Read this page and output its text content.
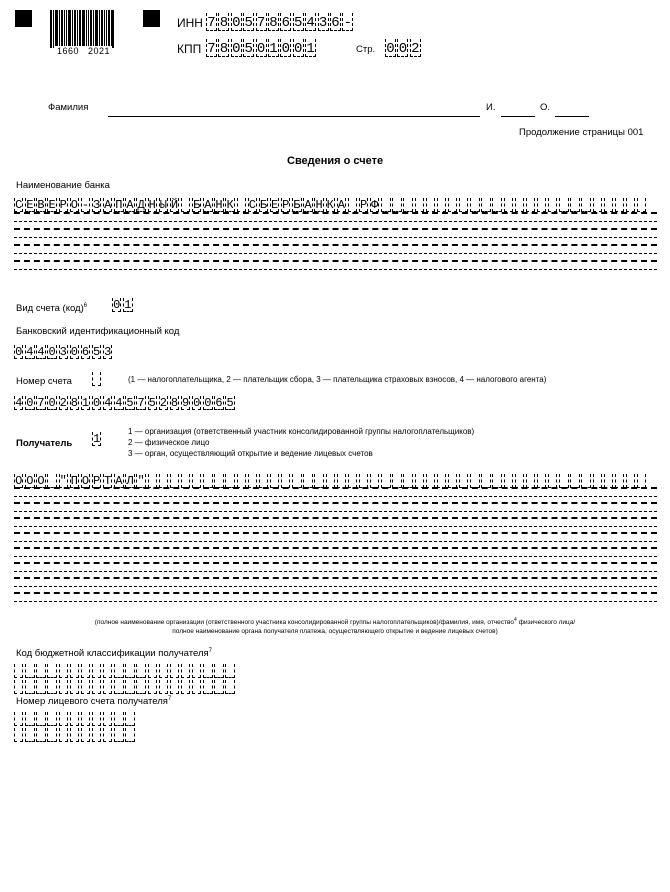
1660   2021
ИНН 7 8 0 5 7 8 6 5 4 3 6 -
КПП 7 8 0 5 0 1 0 0 1	Стр. 0 0 2
Фамилия	И.	О.
Продолжение страницы 001
Сведения о счете
Наименование банка
С Е В Е Р О - З А П А Д Н Ы Й Б А Н К С Б Е Р Б А Н К А Р Ф
Вид счета (код)$^6$ 0 1
Банковский идентификационный код
0 4 4 0 3 0 6 5 3
Номер счета	(1 — налогоплательщика, 2 — плательщик сбора, 3 — плательщика страховых взносов, 4 — налогового агента)
4 0 7 0 2 8 1 0 4 4 5 7 5 2 8 9 0 0 6 5
Получатель 1
1 — организация (ответственный участник консолидированной группы налогоплательщиков)
2 — физическое лицо
3 — орган, осуществляющий открытие и ведение лицевых счетов
О О О " П О Р Т А Л "
(полное наименование организации (ответственного участника консолидированной группы налогоплательщиков)/фамилия, имя, отчество$^4$ физического лица/
полное наименование органа получателя платежа, осуществляющего открытие и ведение лицевых счетов)
Код бюджетной классификации получателя$^7$
Номер лицевого счета получателя$^7$
